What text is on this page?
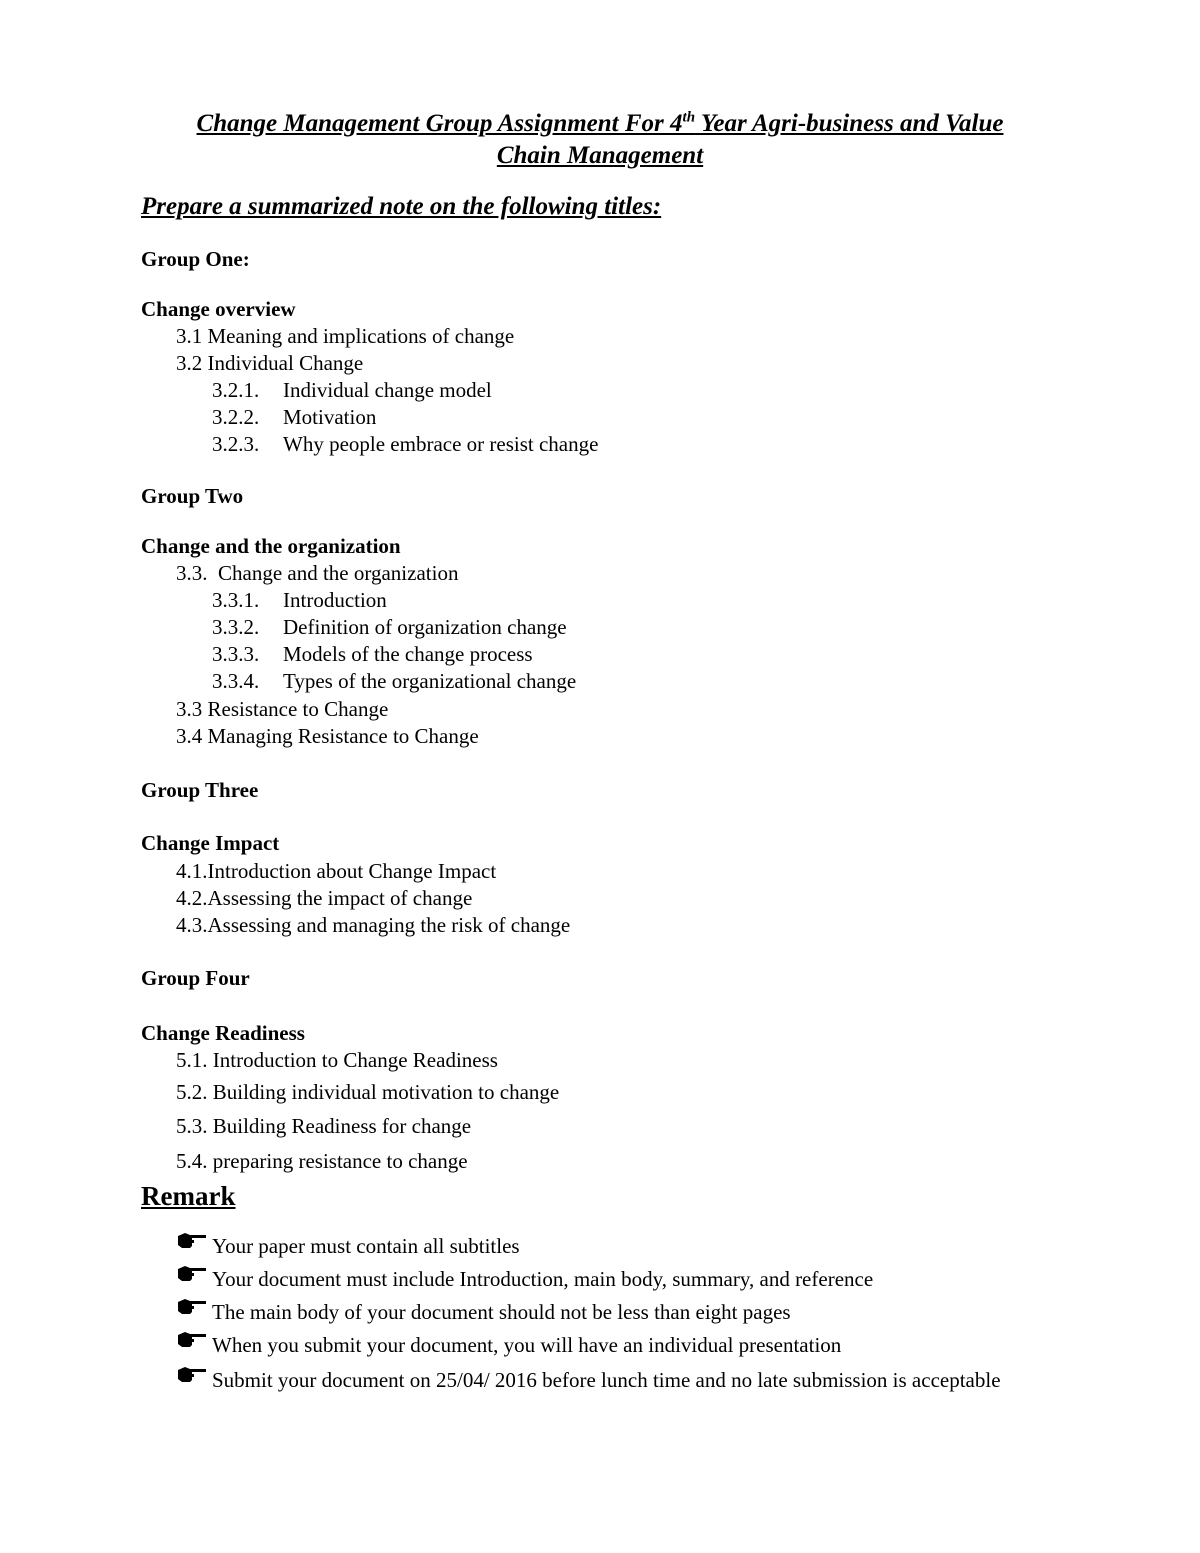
Change Management Group Assignment For 4th Year Agri-business and Value
Chain Management
Prepare a summarized note on the following titles:
Group One:
Change overview
3.1 Meaning and implications of change
3.2 Individual Change
3.2.1. Individual change model
3.2.2. Motivation
3.2.3. Why people embrace or resist change
Group Two
Change and the organization
3.3.  Change and the organization
3.3.1. Introduction
3.3.2. Definition of organization change
3.3.3. Models of the change process
3.3.4. Types of the organizational change
3.3 Resistance to Change
3.4 Managing Resistance to Change
Group Three
Change Impact
4.1.Introduction about Change Impact
4.2.Assessing the impact of change
4.3.Assessing and managing the risk of change
Group Four
Change Readiness
5.1. Introduction to Change Readiness
5.2. Building individual motivation to change
5.3. Building Readiness for change
5.4. preparing resistance to change
Remark
Your paper must contain all subtitles
Your document must include Introduction, main body, summary, and reference
The main body of your document should not be less than eight pages
When you submit your document, you will have an individual presentation
Submit your document on 25/04/ 2016 before lunch time and no late submission is acceptable
